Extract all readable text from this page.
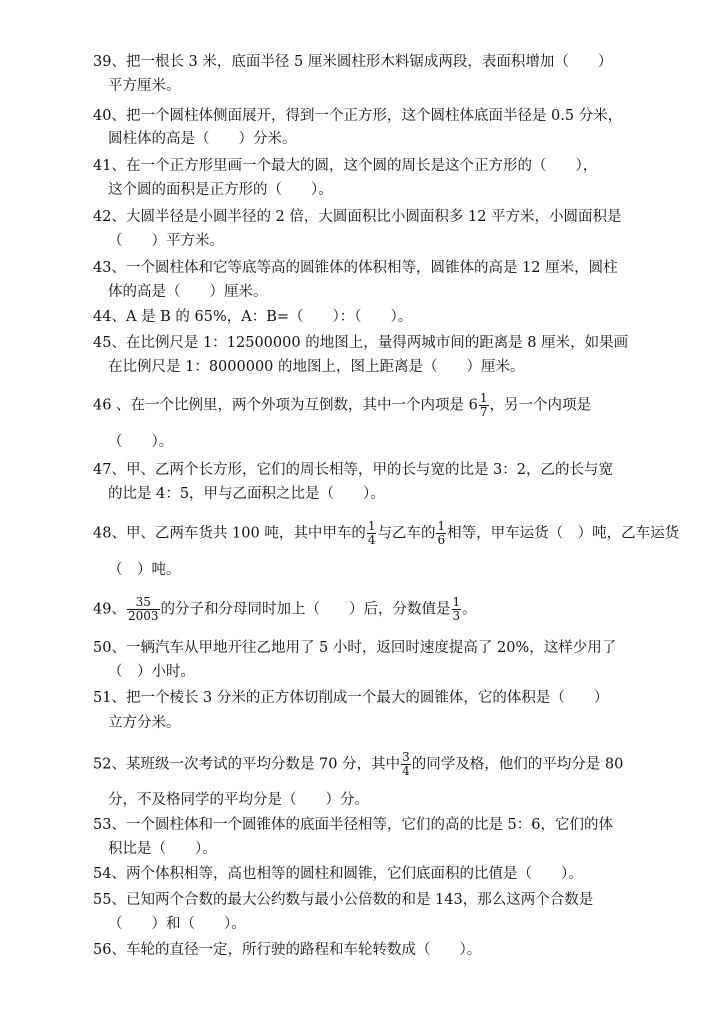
39、把一根长 3 米，底面半径 5 厘米圆柱形木料锯成两段，表面积增加（　　）
平方厘米。
40、把一个圆柱体侧面展开，得到一个正方形，这个圆柱体底面半径是 0.5 分米，
圆柱体的高是（　　）分米。
41、在一个正方形里画一个最大的圆，这个圆的周长是这个正方形的（　　），
这个圆的面积是正方形的（　　）。
42、大圆半径是小圆半径的 2 倍，大圆面积比小圆面积多 12 平方米，小圆面积是
（　　）平方米。
43、一个圆柱体和它等底等高的圆锥体的体积相等，圆锥体的高是 12 厘米，圆柱
体的高是（　　）厘米。
44、A 是 B 的 65%，A：B=（　　）：（　　）。
45、在比例尺是 1：12500000 的地图上，量得两城市间的距离是 8 厘米，如果画
在比例尺是 1：8000000 的地图上，图上距离是（　　）厘米。
46 、在一个比例里，两个外项为互倒数，其中一个内项是 $6 \frac{1}{7}$ ，另一个内项是
（　　）。
47、甲、乙两个长方形，它们的周长相等，甲的长与宽的比是 3：2，乙的长与宽
的比是 4：5，甲与乙面积之比是（　　）。
48、甲、乙两车货共 100 吨，其中甲车的 $\frac{1}{4}$ 与乙车的 $\frac{1}{6}$ 相等，甲车运货（　）吨，乙车运货
（　）吨。
49、 $\frac{35}{2003}$ 的分子和分母同时加上（　　）后，分数值是 $\frac{1}{3}$ 。
50、一辆汽车从甲地开往乙地用了 5 小时，返回时速度提高了 20%，这样少用了
（　）小时。
51、把一个棱长 3 分米的正方体切削成一个最大的圆锥体，它的体积是（　　）
立方分米。
52、某班级一次考试的平均分数是 70 分，其中 $\frac{3}{4}$ 的同学及格，他们的平均分是 80
分，不及格同学的平均分是（　　）分。
53、一个圆柱体和一个圆锥体的底面半径相等，它们的高的比是 5：6，它们的体
积比是（　　）。
54、两个体积相等，高也相等的圆柱和圆锥，它们底面积的比值是（　　）。
55、已知两个合数的最大公约数与最小公倍数的和是 143，那么这两个合数是
（　　）和（　　）。
56、车轮的直径一定，所行驶的路程和车轮转数成（　　）。
